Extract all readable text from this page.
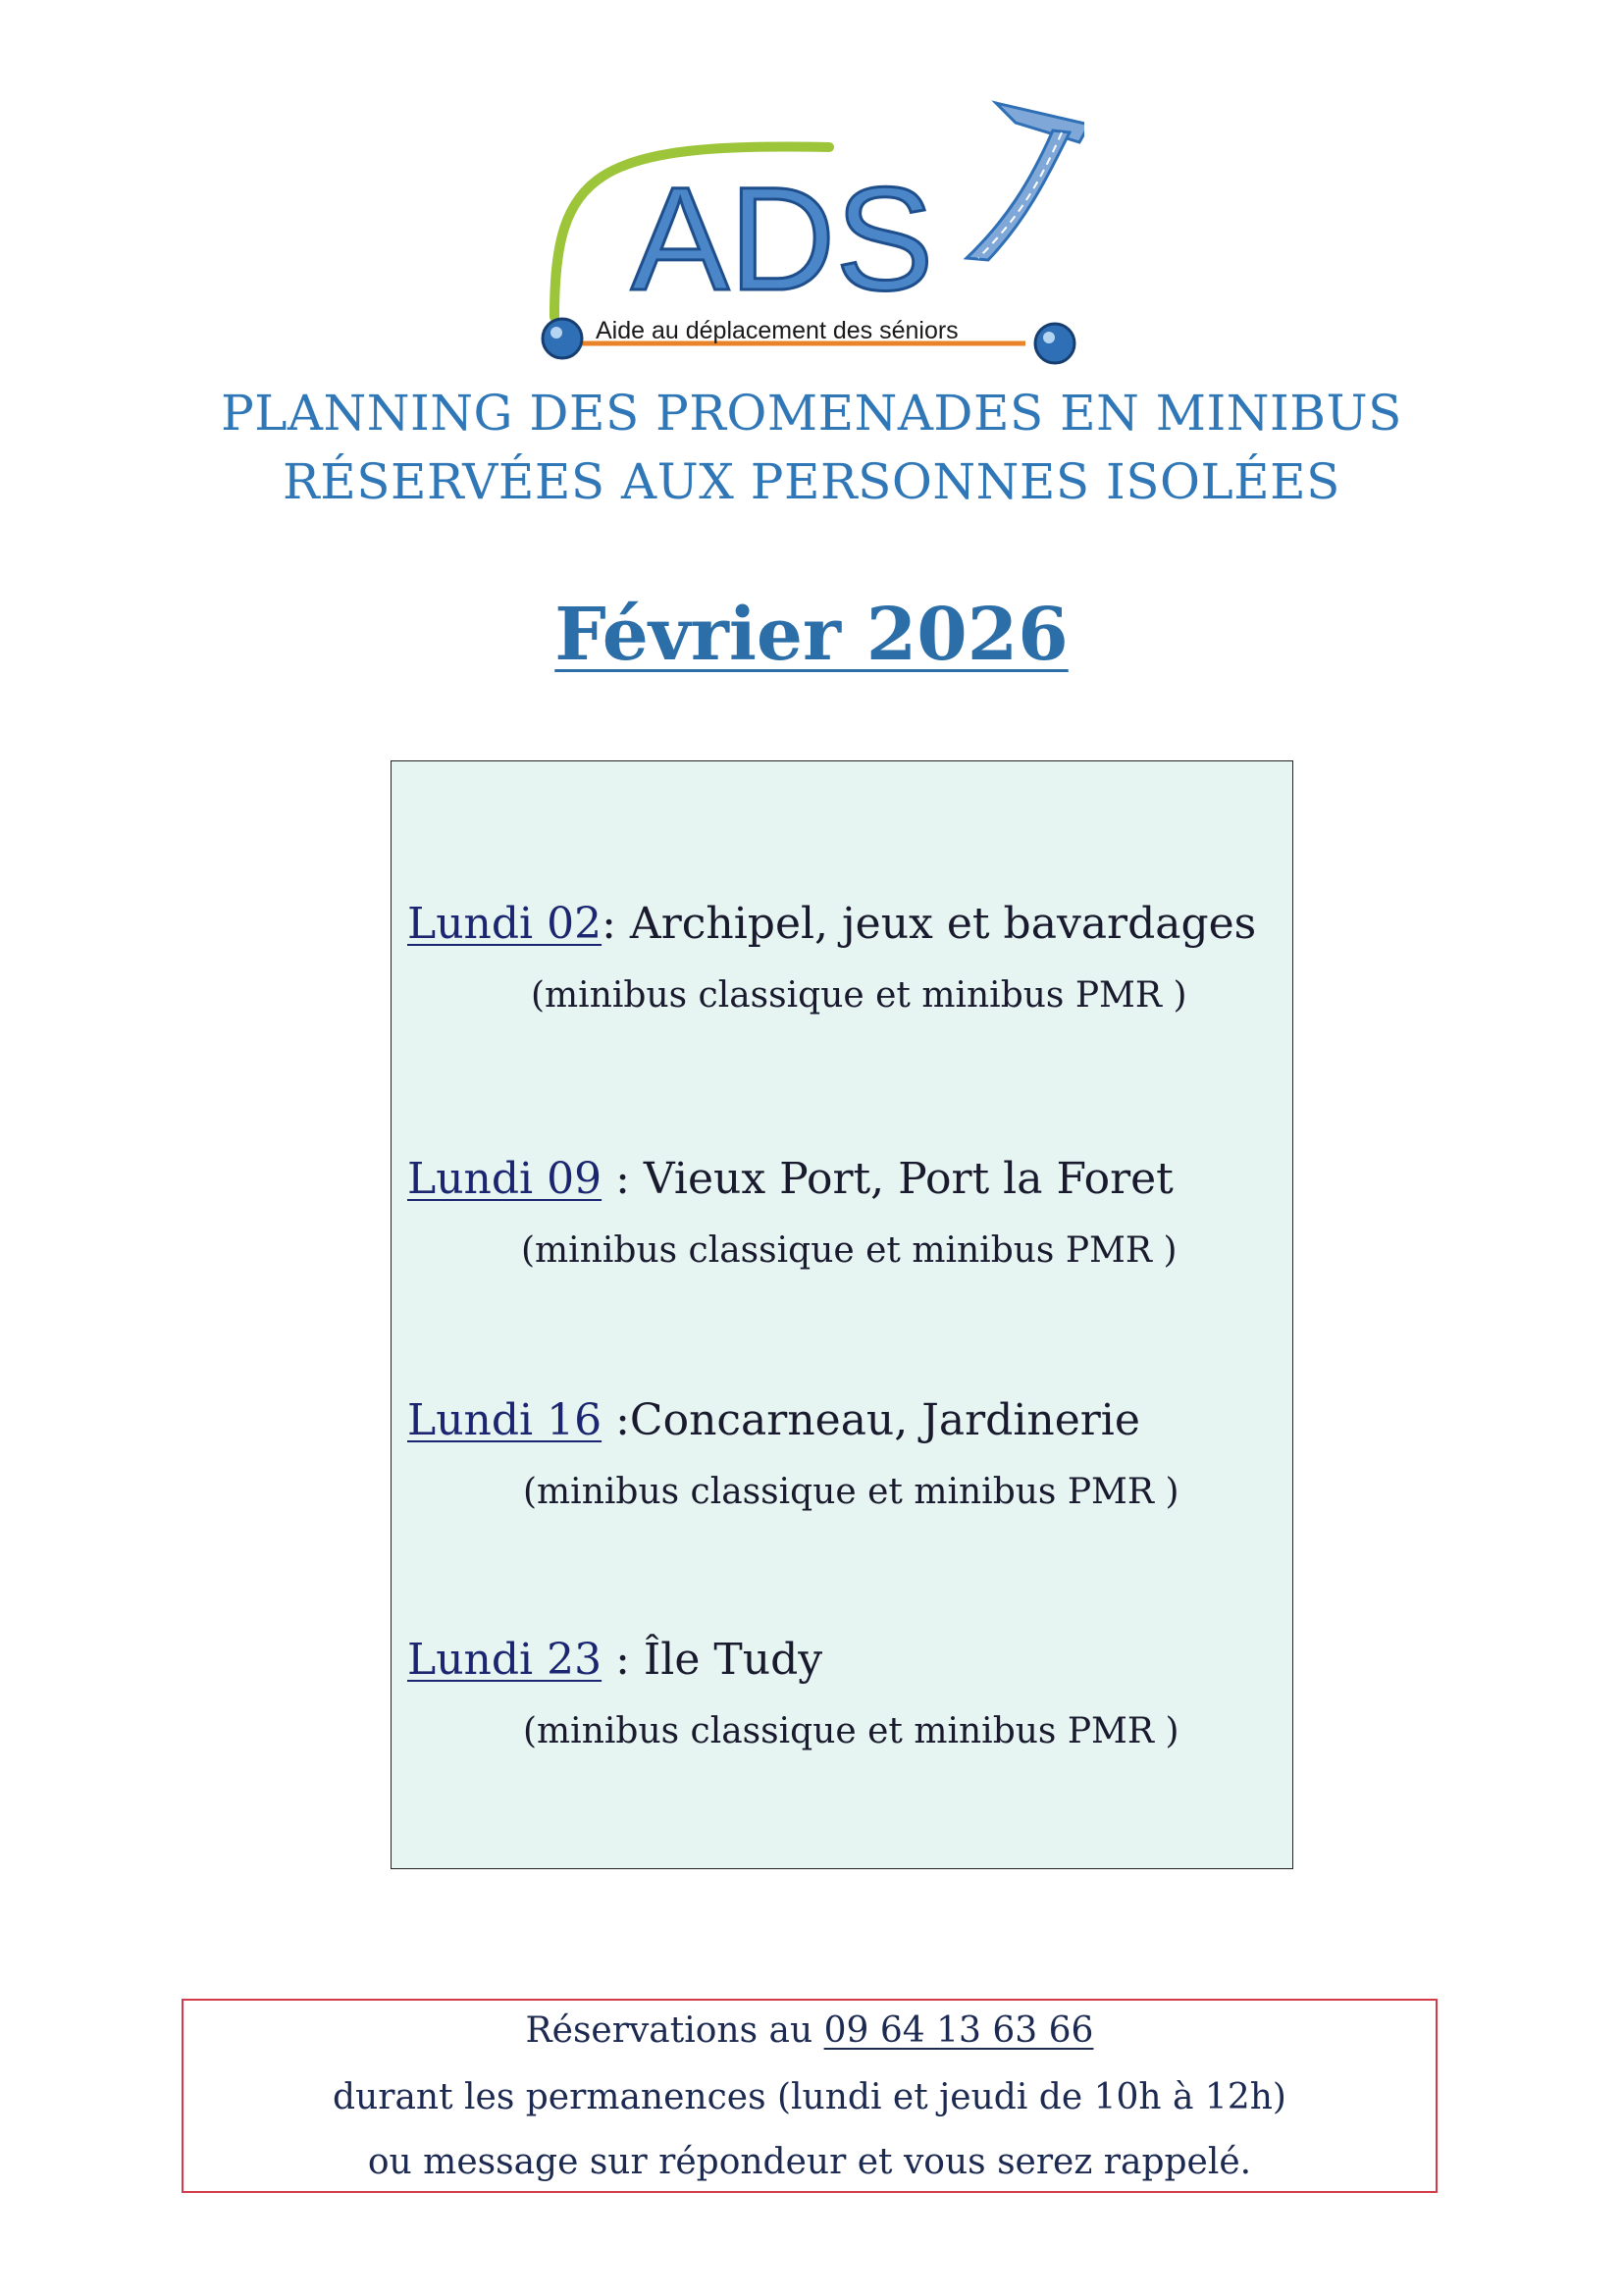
ADS
Aide au déplacement des séniors
PLANNING DES PROMENADES EN MINIBUS
RÉSERVÉES AUX PERSONNES ISOLÉES
Février 2026
Lundi 02: Archipel, jeux et bavardages
(minibus classique et minibus PMR )
Lundi 09 : Vieux Port, Port la Foret
(minibus classique et minibus PMR )
Lundi 16 :Concarneau, Jardinerie
(minibus classique et minibus PMR )
Lundi 23 : Île Tudy
(minibus classique et minibus PMR )
Réservations au 09 64 13 63 66
durant les permanences (lundi et jeudi de 10h à 12h)
ou message sur répondeur et vous serez rappelé.
